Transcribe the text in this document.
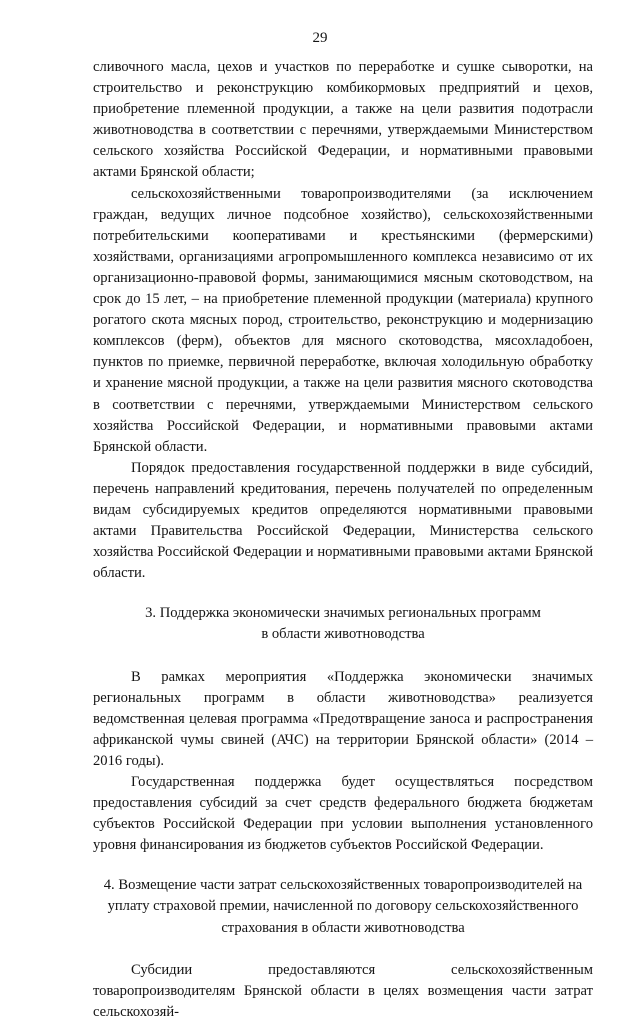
29

сливочного масла, цехов и участков по переработке и сушке сыворотки, на строительство и реконструкцию комбикормовых предприятий и цехов, приобретение племенной продукции, а также на цели развития подотрасли животноводства в соответствии с перечнями, утверждаемыми Министерством сельского хозяйства Российской Федерации, и нормативными правовыми актами Брянской области;

сельскохозяйственными товаропроизводителями (за исключением граждан, ведущих личное подсобное хозяйство), сельскохозяйственными потребительскими кооперативами и крестьянскими (фермерскими) хозяйствами, организациями агропромышленного комплекса независимо от их организационно-правовой формы, занимающимися мясным скотоводством, на срок до 15 лет, – на приобретение племенной продукции (материала) крупного рогатого скота мясных пород, строительство, реконструкцию и модернизацию комплексов (ферм), объектов для мясного скотоводства, мясохладобоен, пунктов по приемке, первичной переработке, включая холодильную обработку и хранение мясной продукции, а также на цели развития мясного скотоводства в соответствии с перечнями, утверждаемыми Министерством сельского хозяйства Российской Федерации, и нормативными правовыми актами Брянской области.

Порядок предоставления государственной поддержки в виде субсидий, перечень направлений кредитования, перечень получателей по определенным видам субсидируемых кредитов определяются нормативными правовыми актами Правительства Российской Федерации, Министерства сельского хозяйства Российской Федерации и нормативными правовыми актами Брянской области.

3. Поддержка экономически значимых региональных программ

в области животноводства

В рамках мероприятия «Поддержка экономически значимых региональных программ в области животноводства» реализуется ведомственная целевая программа «Предотвращение заноса и распространения африканской чумы свиней (АЧС) на территории Брянской области» (2014 – 2016 годы).

Государственная поддержка будет осуществляться посредством предоставления субсидий за счет средств федерального бюджета бюджетам субъектов Российской Федерации при условии выполнения установленного уровня финансирования из бюджетов субъектов Российской Федерации.

4. Возмещение части затрат сельскохозяйственных товаропроизводителей на

уплату страховой премии, начисленной по договору сельскохозяйственного

страхования в области животноводства

Субсидии предоставляются сельскохозяйственным товаропроизводителям Брянской области в целях возмещения части затрат сельскохозяй-
